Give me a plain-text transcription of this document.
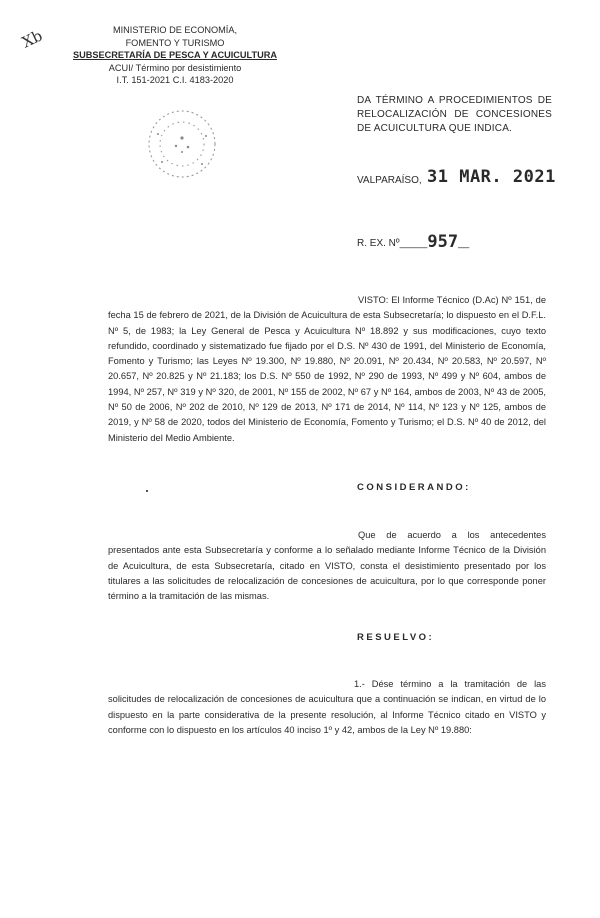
Xb	MINISTERIO DE ECONOMÍA,
FOMENTO Y TURISMO
SUBSECRETARÍA DE PESCA Y ACUICULTURA
ACUI/ Término por desistimiento
I.T. 151-2021 C.I. 4183-2020
DA TÉRMINO A PROCEDIMIENTOS DE RELOCALIZACIÓN DE CONCESIONES DE ACUICULTURA QUE INDICA.
VALPARAÍSO, 31 MAR. 2021
R. EX. Nº_____957__
VISTO: El Informe Técnico (D.Ac) Nº 151, de fecha 15 de febrero de 2021, de la División de Acuicultura de esta Subsecretaría; lo dispuesto en el D.F.L. Nº 5, de 1983; la Ley General de Pesca y Acuicultura Nº 18.892 y sus modificaciones, cuyo texto refundido, coordinado y sistematizado fue fijado por el D.S. Nº 430 de 1991, del Ministerio de Economía, Fomento y Turismo; las Leyes Nº 19.300, Nº 19.880, Nº 20.091, Nº 20.434, Nº 20.583, Nº 20.597, Nº 20.657, Nº 20.825 y Nº 21.183; los D.S. Nº 550 de 1992, Nº 290 de 1993, Nº 499 y Nº 604, ambos de 1994, Nº 257, Nº 319 y Nº 320, de 2001, Nº 155 de 2002, Nº 67 y Nº 164, ambos de 2003, Nº 43 de 2005, Nº 50 de 2006, Nº 202 de 2010, Nº 129 de 2013, Nº 171 de 2014, Nº 114, Nº 123 y Nº 125, ambos de 2019, y Nº 58 de 2020, todos del Ministerio de Economía, Fomento y Turismo; el D.S. Nº 40 de 2012, del Ministerio del Medio Ambiente.
CONSIDERANDO:
Que de acuerdo a los antecedentes presentados ante esta Subsecretaría y conforme a lo señalado mediante Informe Técnico de la División de Acuicultura, de esta Subsecretaría, citado en VISTO, consta el desistimiento presentado por los titulares a las solicitudes de relocalización de concesiones de acuicultura, por lo que corresponde poner término a la tramitación de las mismas.
RESUELVO:
1.- Dése término a la tramitación de las solicitudes de relocalización de concesiones de acuicultura que a continuación se indican, en virtud de lo dispuesto en la parte considerativa de la presente resolución, al Informe Técnico citado en VISTO y conforme con lo dispuesto en los artículos 40 inciso 1º y 42, ambos de la Ley Nº 19.880:
